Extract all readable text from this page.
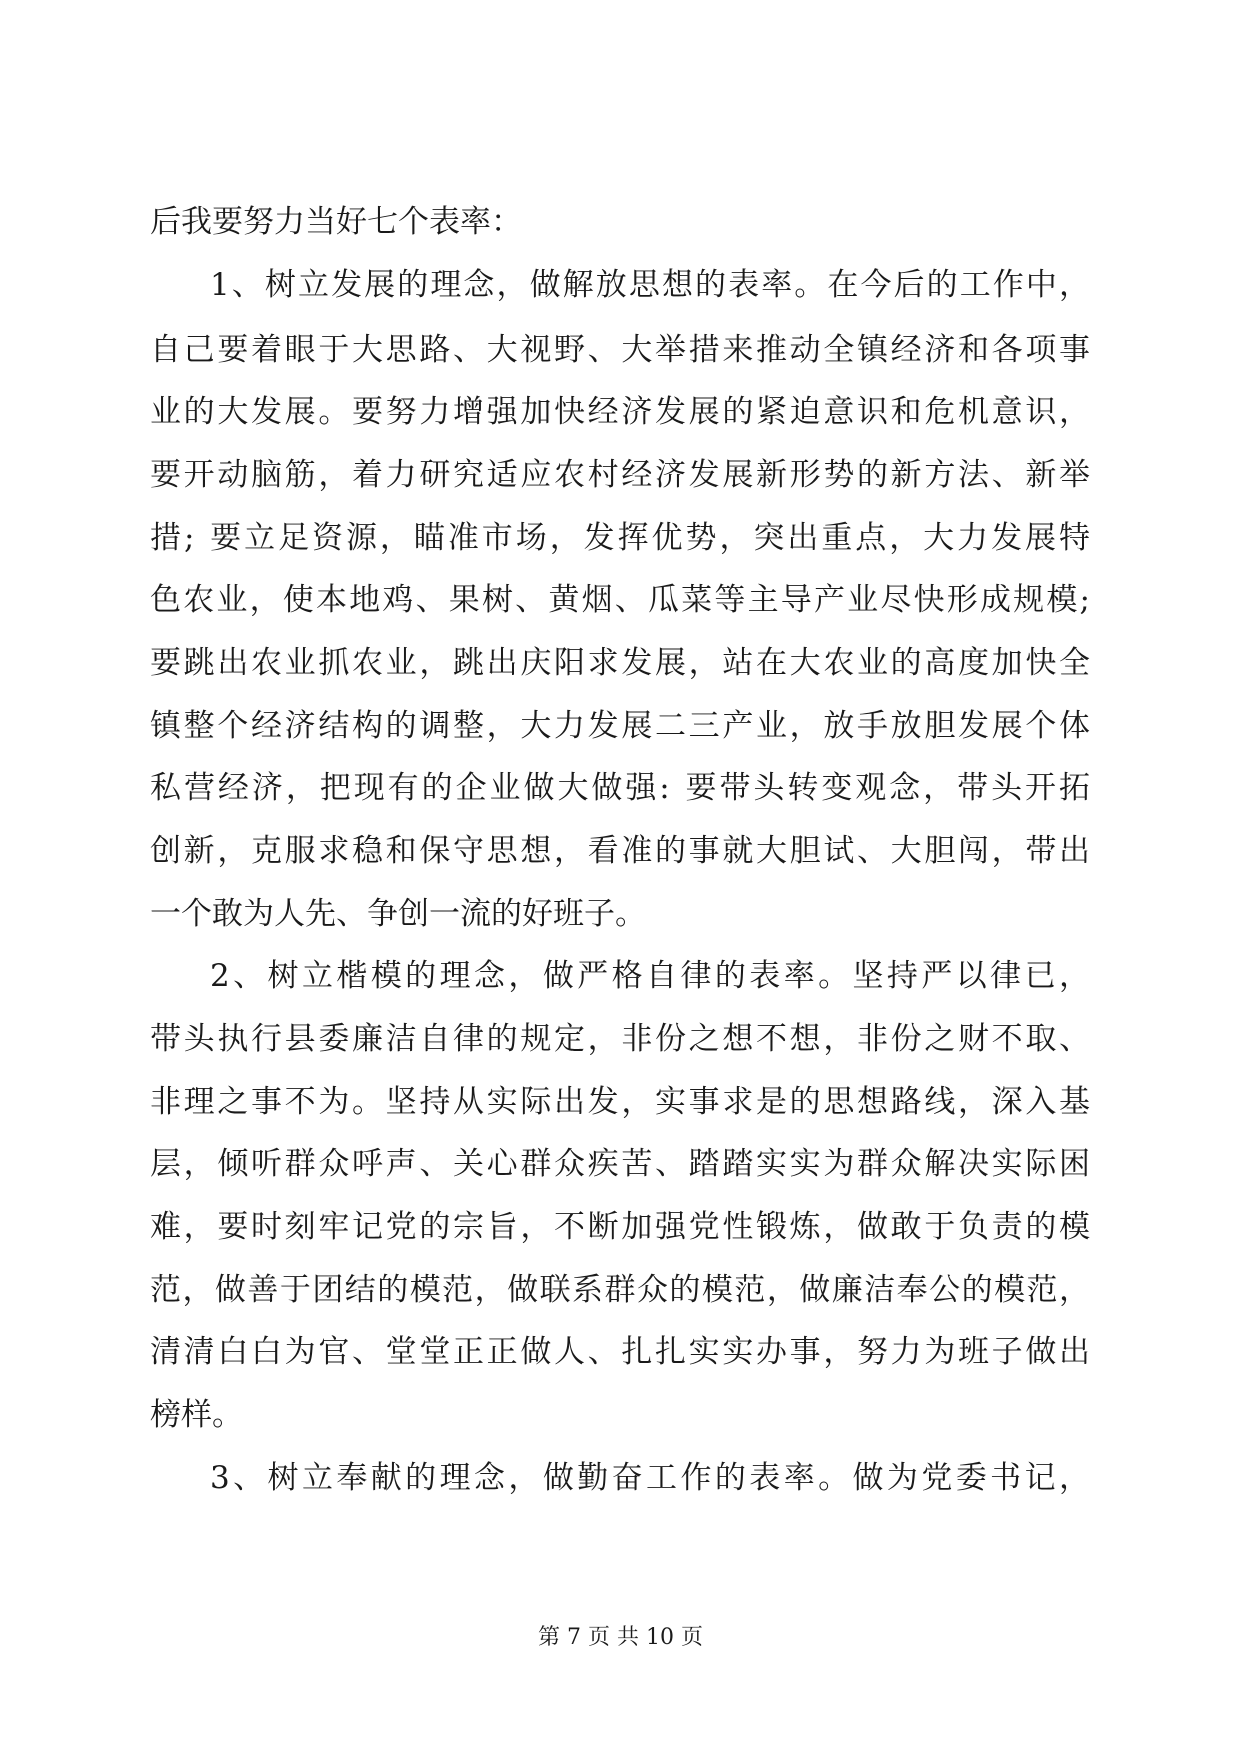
后我要努力当好七个表率：
1、树立发展的理念，做解放思想的表率。在今后的工作中，
自己要着眼于大思路、大视野、大举措来推动全镇经济和各项事
业的大发展。要努力增强加快经济发展的紧迫意识和危机意识，
要开动脑筋，着力研究适应农村经济发展新形势的新方法、新举
措; 要立足资源，瞄准市场，发挥优势，突出重点，大力发展特
色农业，使本地鸡、果树、黄烟、瓜菜等主导产业尽快形成规模;
要跳出农业抓农业，跳出庆阳求发展，站在大农业的高度加快全
镇整个经济结构的调整，大力发展二三产业，放手放胆发展个体
私营经济，把现有的企业做大做强: 要带头转变观念，带头开拓
创新，克服求稳和保守思想，看准的事就大胆试、大胆闯，带出
一个敢为人先、争创一流的好班子。
2、树立楷模的理念，做严格自律的表率。坚持严以律已，
带头执行县委廉洁自律的规定，非份之想不想，非份之财不取、
非理之事不为。坚持从实际出发，实事求是的思想路线，深入基
层，倾听群众呼声、关心群众疾苦、踏踏实实为群众解决实际困
难，要时刻牢记党的宗旨，不断加强党性锻炼，做敢于负责的模
范，做善于团结的模范，做联系群众的模范，做廉洁奉公的模范，
清清白白为官、堂堂正正做人、扎扎实实办事，努力为班子做出
榜样。
3、树立奉献的理念，做勤奋工作的表率。做为党委书记，
第 7 页 共 10 页
